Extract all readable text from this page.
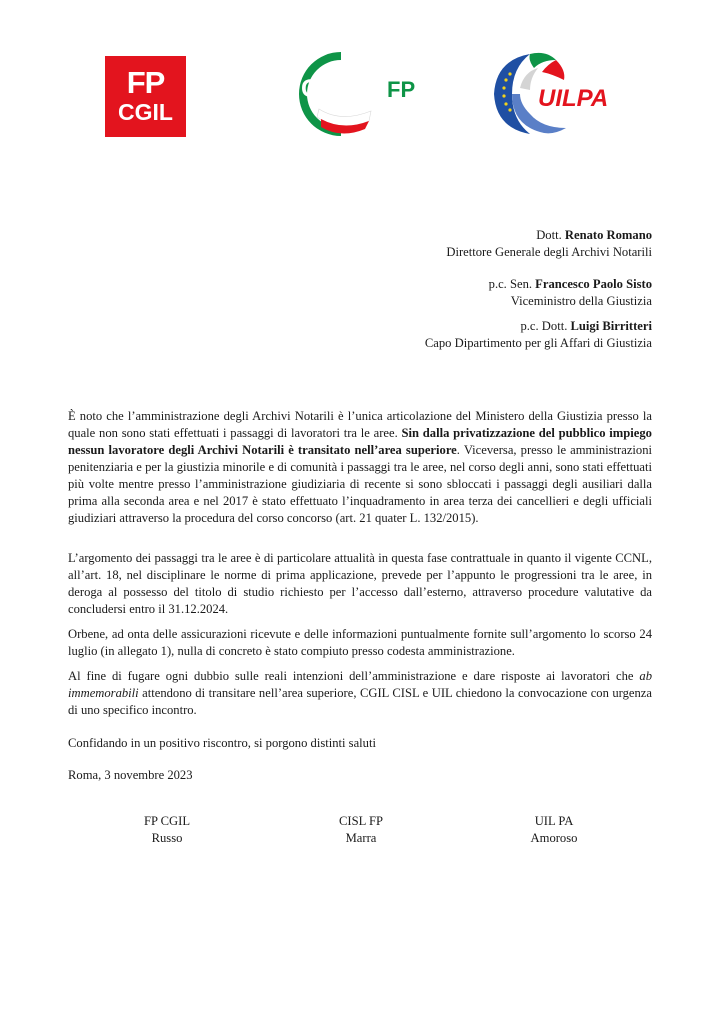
FP
CGIL
CISL FP	UILPA
Dott. Renato Romano
Direttore Generale degli Archivi Notarili
p.c. Sen. Francesco Paolo Sisto
Viceministro della Giustizia
p.c. Dott. Luigi Birritteri
Capo Dipartimento per gli Affari di Giustizia
È noto che l’amministrazione degli Archivi Notarili è l’unica articolazione del Ministero della Giustizia presso la quale non sono stati effettuati i passaggi di lavoratori tra le aree. Sin dalla privatizzazione del pubblico impiego nessun lavoratore degli Archivi Notarili è transitato nell’area superiore. Viceversa, presso le amministrazioni penitenziaria e per la giustizia minorile e di comunità i passaggi tra le aree, nel corso degli anni, sono stati effettuati più volte mentre presso l’amministrazione giudiziaria di recente si sono sbloccati i passaggi degli ausiliari dalla prima alla seconda area e nel 2017 è stato effettuato l’inquadramento in area terza dei cancellieri e degli ufficiali giudiziari attraverso la procedura del corso concorso (art. 21 quater L. 132/2015).
L’argomento dei passaggi tra le aree è di particolare attualità in questa fase contrattuale in quanto il vigente CCNL, all’art. 18, nel disciplinare le norme di prima applicazione, prevede per l’appunto le progressioni tra le aree, in deroga al possesso del titolo di studio richiesto per l’accesso dall’esterno, attraverso procedure valutative da concludersi entro il 31.12.2024.
Orbene, ad onta delle assicurazioni ricevute e delle informazioni puntualmente fornite sull’argomento lo scorso 24 luglio (in allegato 1), nulla di concreto è stato compiuto presso codesta amministrazione.
Al fine di fugare ogni dubbio sulle reali intenzioni dell’amministrazione e dare risposte ai lavoratori che ab immemorabili attendono di transitare nell’area superiore, CGIL CISL e UIL chiedono la convocazione con urgenza di uno specifico incontro.
Confidando in un positivo riscontro, si porgono distinti saluti
Roma, 3 novembre 2023
FP CGIL
Russo
CISL FP
Marra
UIL PA
Amoroso
